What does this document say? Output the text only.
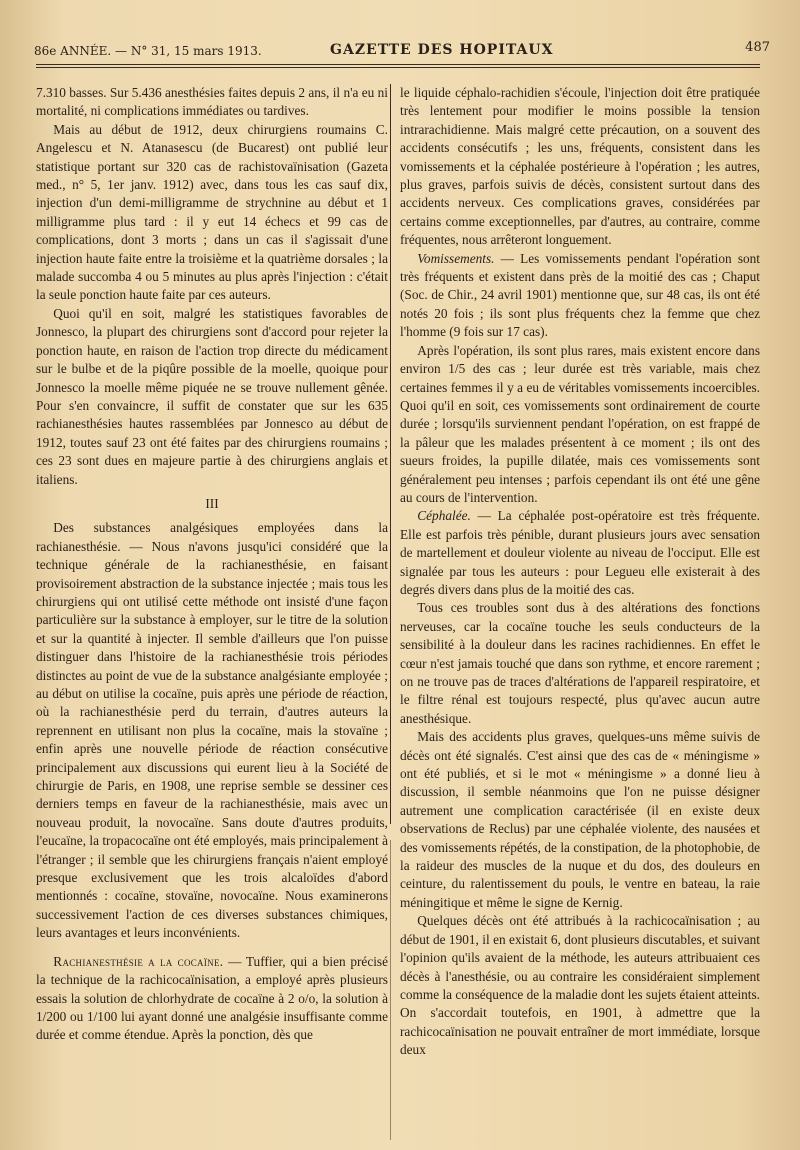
86e ANNÉE. — N° 31, 15 mars 1913.	GAZETTE DES HOPITAUX	487

7.310 basses. Sur 5.436 anesthésies faites depuis 2 ans, il n'a eu ni mortalité, ni complications immédiates ou tardives.

Mais au début de 1912, deux chirurgiens roumains C. Angelescu et N. Atanasescu (de Bucarest) ont publié leur statistique portant sur 320 cas de rachistovaïnisation (Gazeta med., n° 5, 1er janv. 1912) avec, dans tous les cas sauf dix, injection d'un demi-milligramme de strychnine au début et 1 milligramme plus tard : il y eut 14 échecs et 99 cas de complications, dont 3 morts ; dans un cas il s'agissait d'une injection haute faite entre la troisième et la quatrième dorsales ; la malade succomba 4 ou 5 minutes au plus après l'injection : c'était la seule ponction haute faite par ces auteurs.

Quoi qu'il en soit, malgré les statistiques favorables de Jonnesco, la plupart des chirurgiens sont d'accord pour rejeter la ponction haute, en raison de l'action trop directe du médicament sur le bulbe et de la piqûre possible de la moelle, quoique pour Jonnesco la moelle même piquée ne se trouve nullement gênée. Pour s'en convaincre, il suffit de constater que sur les 635 rachianesthésies hautes rassemblées par Jonnesco au début de 1912, toutes sauf 23 ont été faites par des chirurgiens roumains ; ces 23 sont dues en majeure partie à des chirurgiens anglais et italiens.

III

Des substances analgésiques employées dans la rachianesthésie. — Nous n'avons jusqu'ici considéré que la technique générale de la rachianesthésie, en faisant provisoirement abstraction de la substance injectée ; mais tous les chirurgiens qui ont utilisé cette méthode ont insisté d'une façon particulière sur la substance à employer, sur le titre de la solution et sur la quantité à injecter. Il semble d'ailleurs que l'on puisse distinguer dans l'histoire de la rachianesthésie trois périodes distinctes au point de vue de la substance analgésiante employée ; au début on utilise la cocaïne, puis après une période de réaction, où la rachianesthésie perd du terrain, d'autres auteurs la reprennent en utilisant non plus la cocaïne, mais la stovaïne ; enfin après une nouvelle période de réaction consécutive principalement aux discussions qui eurent lieu à la Société de chirurgie de Paris, en 1908, une reprise semble se dessiner ces derniers temps en faveur de la rachianesthésie, mais avec un nouveau produit, la novocaïne. Sans doute d'autres produits, l'eucaïne, la tropacocaïne ont été employés, mais principalement à l'étranger ; il semble que les chirurgiens français n'aient employé presque exclusivement que les trois alcaloïdes d'abord mentionnés : cocaïne, stovaïne, novocaïne. Nous examinerons successivement l'action de ces diverses substances chimiques, leurs avantages et leurs inconvénients.

Rachianesthésie a la cocaïne. — Tuffier, qui a bien précisé la technique de la rachicocaïnisation, a employé après plusieurs essais la solution de chlorhydrate de cocaïne à 2 o/o, la solution à 1/200 ou 1/100 lui ayant donné une analgésie insuffisante comme durée et comme étendue. Après la ponction, dès que

le liquide céphalo-rachidien s'écoule, l'injection doit être pratiquée très lentement pour modifier le moins possible la tension intrarachidienne. Mais malgré cette précaution, on a souvent des accidents consécutifs ; les uns, fréquents, consistent dans les vomissements et la céphalée postérieure à l'opération ; les autres, plus graves, parfois suivis de décès, consistent surtout dans des accidents nerveux. Ces complications graves, considérées par certains comme exceptionnelles, par d'autres, au contraire, comme fréquentes, nous arrêteront longuement.

Vomissements. — Les vomissements pendant l'opération sont très fréquents et existent dans près de la moitié des cas ; Chaput (Soc. de Chir., 24 avril 1901) mentionne que, sur 48 cas, ils ont été notés 20 fois ; ils sont plus fréquents chez la femme que chez l'homme (9 fois sur 17 cas).

Après l'opération, ils sont plus rares, mais existent encore dans environ 1/5 des cas ; leur durée est très variable, mais chez certaines femmes il y a eu de véritables vomissements incoercibles. Quoi qu'il en soit, ces vomissements sont ordinairement de courte durée ; lorsqu'ils surviennent pendant l'opération, on est frappé de la pâleur que les malades présentent à ce moment ; ils ont des sueurs froides, la pupille dilatée, mais ces vomissements sont généralement peu intenses ; parfois cependant ils ont été une gêne au cours de l'intervention.

Céphalée. — La céphalée post-opératoire est très fréquente. Elle est parfois très pénible, durant plusieurs jours avec sensation de martellement et douleur violente au niveau de l'occiput. Elle est signalée par tous les auteurs : pour Legueu elle existerait à des degrés divers dans plus de la moitié des cas.

Tous ces troubles sont dus à des altérations des fonctions nerveuses, car la cocaïne touche les seuls conducteurs de la sensibilité à la douleur dans les racines rachidiennes. En effet le cœur n'est jamais touché que dans son rythme, et encore rarement ; on ne trouve pas de traces d'altérations de l'appareil respiratoire, et le filtre rénal est toujours respecté, plus qu'avec aucun autre anesthésique.

Mais des accidents plus graves, quelques-uns même suivis de décès ont été signalés. C'est ainsi que des cas de « méningisme » ont été publiés, et si le mot « méningisme » a donné lieu à discussion, il semble néanmoins que l'on ne puisse désigner autrement une complication caractérisée (il en existe deux observations de Reclus) par une céphalée violente, des nausées et des vomissements répétés, de la constipation, de la photophobie, de la raideur des muscles de la nuque et du dos, des douleurs en ceinture, du ralentissement du pouls, le ventre en bateau, la raie méningitique et même le signe de Kernig.

Quelques décès ont été attribués à la rachicocaïnisation ; au début de 1901, il en existait 6, dont plusieurs discutables, et suivant l'opinion qu'ils avaient de la méthode, les auteurs attribuaient ces décès à l'anesthésie, ou au contraire les considéraient simplement comme la conséquence de la maladie dont les sujets étaient atteints. On s'accordait toutefois, en 1901, à admettre que la rachicocaïnisation ne pouvait entraîner de mort immédiate, lorsque deux
